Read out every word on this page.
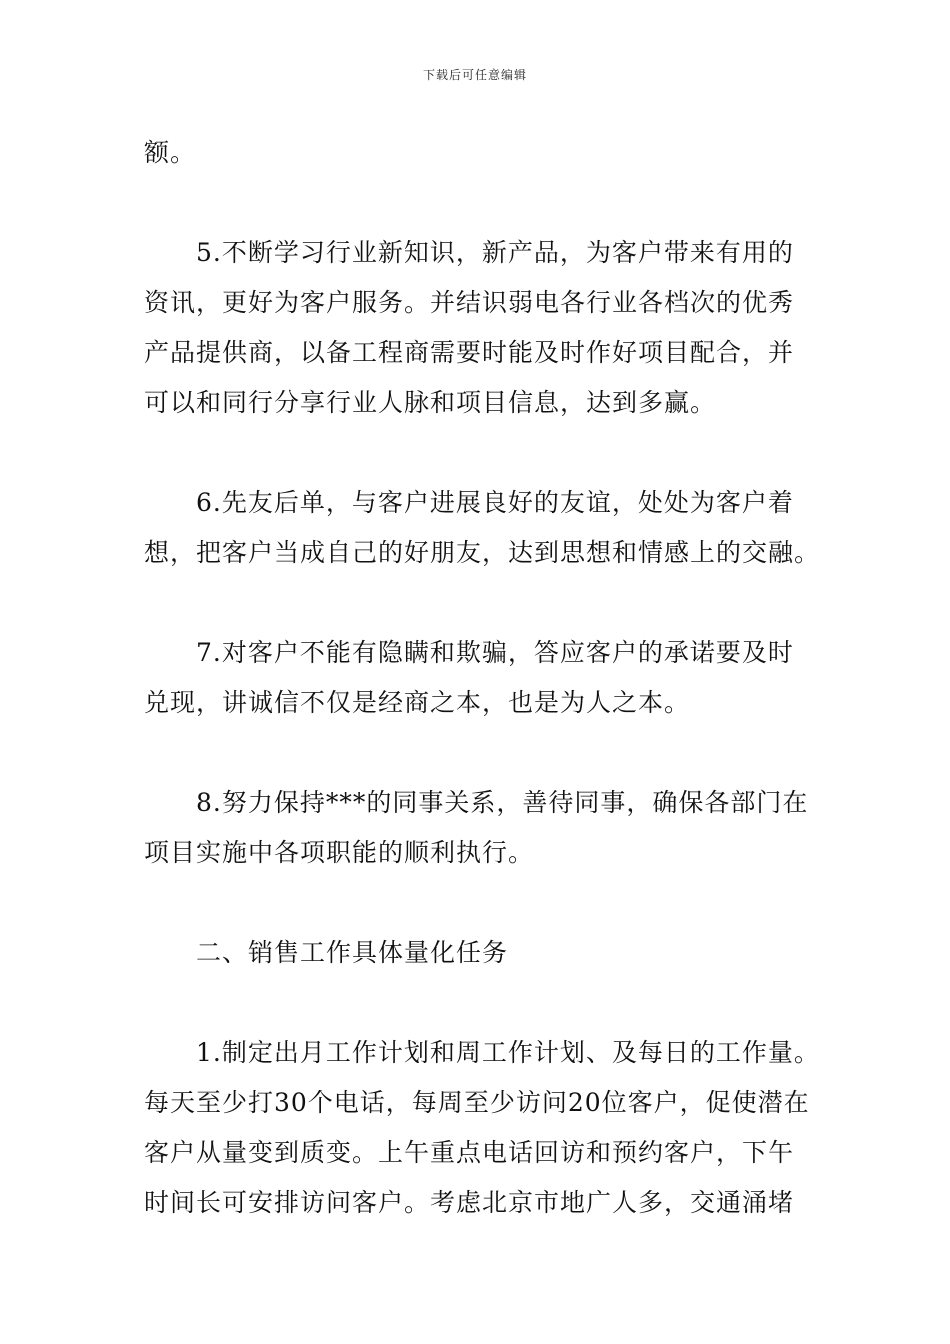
下载后可任意编辑
额。
5.不断学习行业新知识，新产品，为客户带来有用的
资讯，更好为客户服务。并结识弱电各行业各档次的优秀
产品提供商，以备工程商需要时能及时作好项目配合，并
可以和同行分享行业人脉和项目信息，达到多赢。
6.先友后单，与客户进展良好的友谊，处处为客户着
想，把客户当成自己的好朋友，达到思想和情感上的交融。
7.对客户不能有隐瞒和欺骗，答应客户的承诺要及时
兑现，讲诚信不仅是经商之本，也是为人之本。
8.努力保持***的同事关系，善待同事，确保各部门在
项目实施中各项职能的顺利执行。
二、销售工作具体量化任务
1.制定出月工作计划和周工作计划、及每日的工作量。
每天至少打30个电话，每周至少访问20位客户，促使潜在
客户从量变到质变。上午重点电话回访和预约客户，下午
时间长可安排访问客户。考虑北京市地广人多，交通涌堵
